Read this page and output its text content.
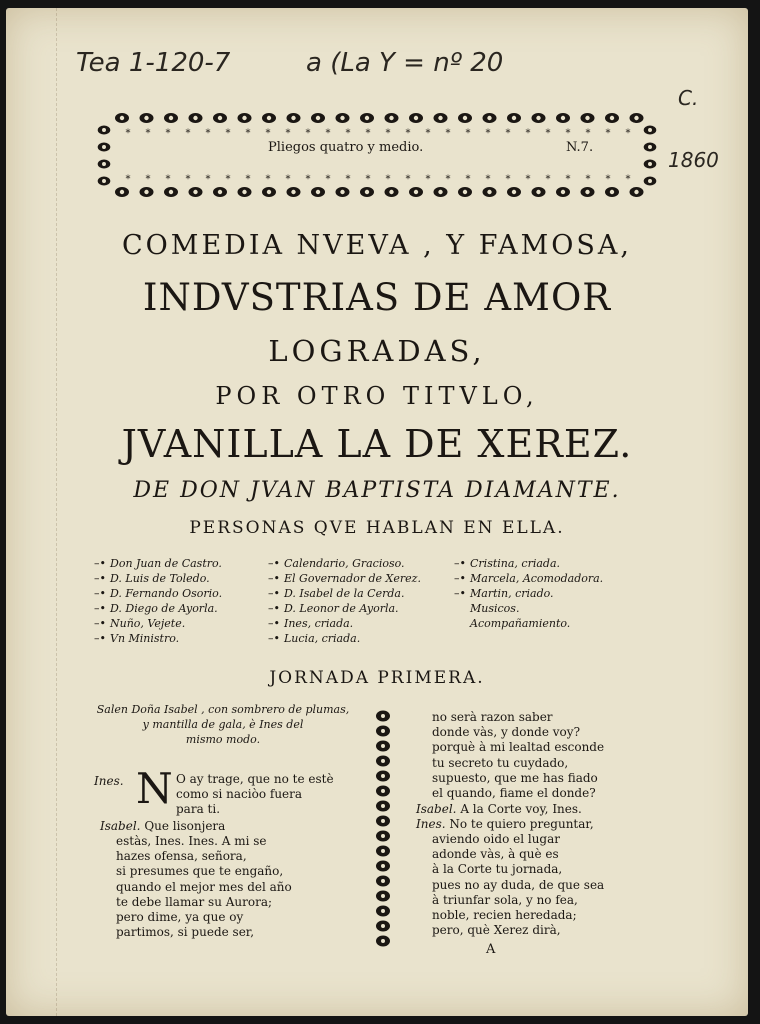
Tea 1-120-7	a (La Y = nº 20
C.
1860
*
*
*
*
*
*
*
*
*
*
*
*
*
*
*
*
*
*
*
*
*
*
*
*
*
*
*
*
*
*
*
*
*
*
*
*
*
*
*
*
*
*
*
*
*
*
*
*
*
*
*
*
Pliegos quatro y medio.	N.7.
COMEDIA NVEVA , Y FAMOSA,
INDVSTRIAS DE AMOR
LOGRADAS,
POR OTRO TITVLO,
JVANILLA LA DE XEREZ.
DE DON JVAN BAPTISTA DIAMANTE.
PERSONAS QVE HABLAN EN ELLA.
–• Don Juan de Castro.
–• D. Luis de Toledo.
–• D. Fernando Osorio.
–• D. Diego de Ayorla.
–• Nuño, Vejete.
–• Vn Ministro.
–• Calendario, Gracioso.
–• El Governador de Xerez.
–• D. Isabel de la Cerda.
–• D. Leonor de Ayorla.
–• Ines, criada.
–• Lucia, criada.
–• Cristina, criada.
–• Marcela, Acomodadora.
–• Martin, criado.
Musicos.
Acompañamiento.
JORNADA PRIMERA.
Salen Doña Isabel , con sombrero de plumas,
y mantilla de gala, è Ines del
mismo modo.
Ines. N O ay trage, que no te estè
como si naciòo fuera
para ti.
Isabel. Que lisonjera
estàs, Ines. Ines. A mi se
hazes ofensa, señora,
si presumes que te engaño,
quando el mejor mes del año
te debe llamar su Aurora;
pero dime, ya que oy
partimos, si puede ser,
no serà razon saber
donde vàs, y donde voy?
porquè à mi lealtad esconde
tu secreto tu cuydado,
supuesto, que me has fiado
el quando, fiame el donde?
Isabel. A la Corte voy, Ines.
Ines. No te quiero preguntar,
aviendo oido el lugar
adonde vàs, à què es
à la Corte tu jornada,
pues no ay duda, de que sea
à triunfar sola, y no fea,
noble, recien heredada;
pero, què Xerez dirà,
A
